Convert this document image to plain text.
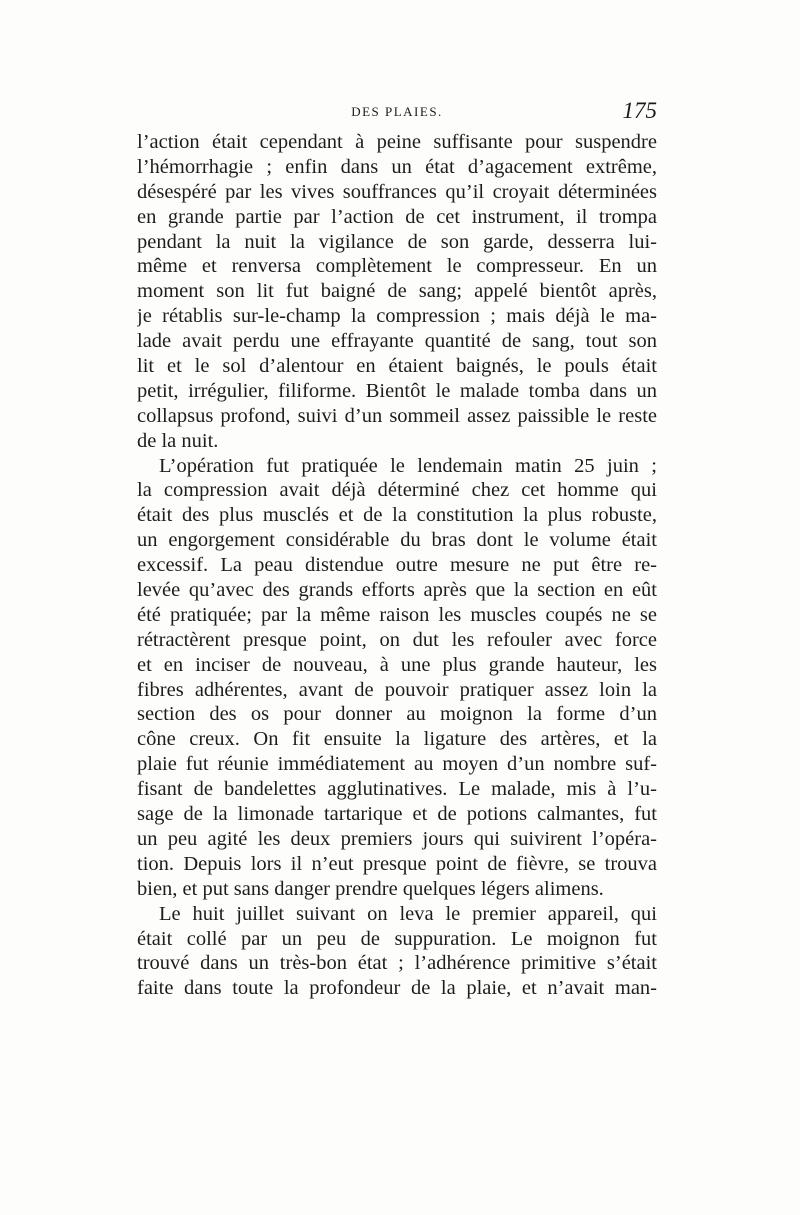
DES PLAIES.	175
l’action était cependant à peine suffisante pour suspendre
l’hémorrhagie ; enfin dans un état d’agacement extrême,
désespéré par les vives souffrances qu’il croyait déterminées
en grande partie par l’action de cet instrument, il trompa
pendant la nuit la vigilance de son garde, desserra lui-
même et renversa complètement le compresseur. En un
moment son lit fut baigné de sang; appelé bientôt après,
je rétablis sur-le-champ la compression ; mais déjà le ma-
lade avait perdu une effrayante quantité de sang, tout son
lit et le sol d’alentour en étaient baignés, le pouls était
petit, irrégulier, filiforme. Bientôt le malade tomba dans un
collapsus profond, suivi d’un sommeil assez paissible le reste
de la nuit.
L’opération fut pratiquée le lendemain matin 25 juin ;
la compression avait déjà déterminé chez cet homme qui
était des plus musclés et de la constitution la plus robuste,
un engorgement considérable du bras dont le volume était
excessif. La peau distendue outre mesure ne put être re-
levée qu’avec des grands efforts après que la section en eût
été pratiquée; par la même raison les muscles coupés ne se
rétractèrent presque point, on dut les refouler avec force
et en inciser de nouveau, à une plus grande hauteur, les
fibres adhérentes, avant de pouvoir pratiquer assez loin la
section des os pour donner au moignon la forme d’un
cône creux. On fit ensuite la ligature des artères, et la
plaie fut réunie immédiatement au moyen d’un nombre suf-
fisant de bandelettes agglutinatives. Le malade, mis à l’u-
sage de la limonade tartarique et de potions calmantes, fut
un peu agité les deux premiers jours qui suivirent l’opéra-
tion. Depuis lors il n’eut presque point de fièvre, se trouva
bien, et put sans danger prendre quelques légers alimens.
Le huit juillet suivant on leva le premier appareil, qui
était collé par un peu de suppuration. Le moignon fut
trouvé dans un très-bon état ; l’adhérence primitive s’était
faite dans toute la profondeur de la plaie, et n’avait man-
